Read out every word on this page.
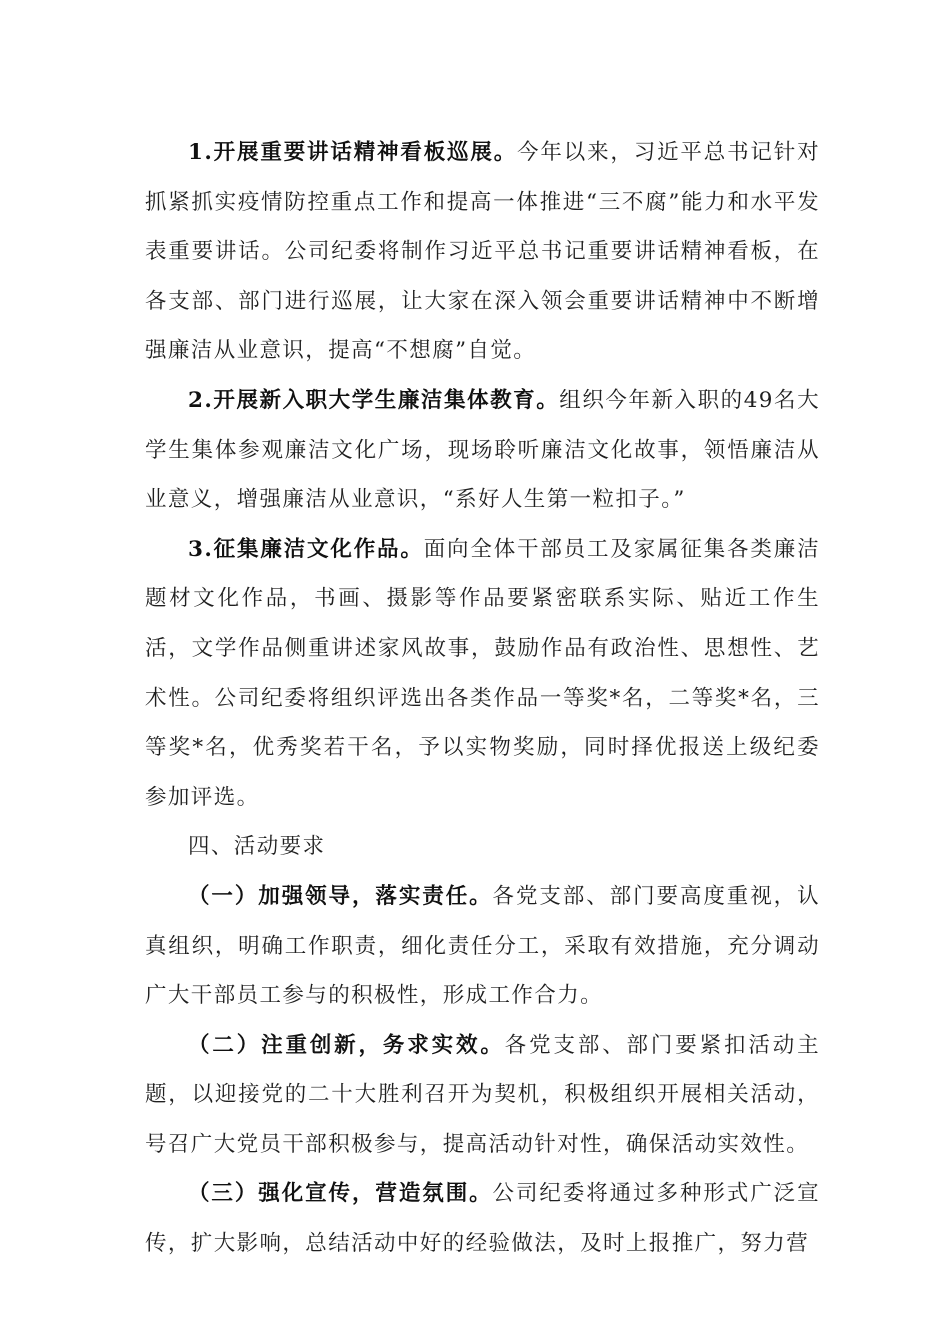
1.开展重要讲话精神看板巡展。今年以来，习近平总书记针对抓紧抓实疫情防控重点工作和提高一体推进“三不腐”能力和水平发表重要讲话。公司纪委将制作习近平总书记重要讲话精神看板，在各支部、部门进行巡展，让大家在深入领会重要讲话精神中不断增强廉洁从业意识，提高“不想腐”自觉。

2.开展新入职大学生廉洁集体教育。组织今年新入职的49名大学生集体参观廉洁文化广场，现场聆听廉洁文化故事，领悟廉洁从业意义，增强廉洁从业意识，“系好人生第一粒扣子。”

3.征集廉洁文化作品。面向全体干部员工及家属征集各类廉洁题材文化作品，书画、摄影等作品要紧密联系实际、贴近工作生活，文学作品侧重讲述家风故事，鼓励作品有政治性、思想性、艺术性。公司纪委将组织评选出各类作品一等奖*名，二等奖*名，三等奖*名，优秀奖若干名，予以实物奖励，同时择优报送上级纪委参加评选。

四、活动要求

（一）加强领导，落实责任。各党支部、部门要高度重视，认真组织，明确工作职责，细化责任分工，采取有效措施，充分调动广大干部员工参与的积极性，形成工作合力。

（二）注重创新，务求实效。各党支部、部门要紧扣活动主题，以迎接党的二十大胜利召开为契机，积极组织开展相关活动，号召广大党员干部积极参与，提高活动针对性，确保活动实效性。

（三）强化宣传，营造氛围。公司纪委将通过多种形式广泛宣传，扩大影响，总结活动中好的经验做法，及时上报推广，努力营
